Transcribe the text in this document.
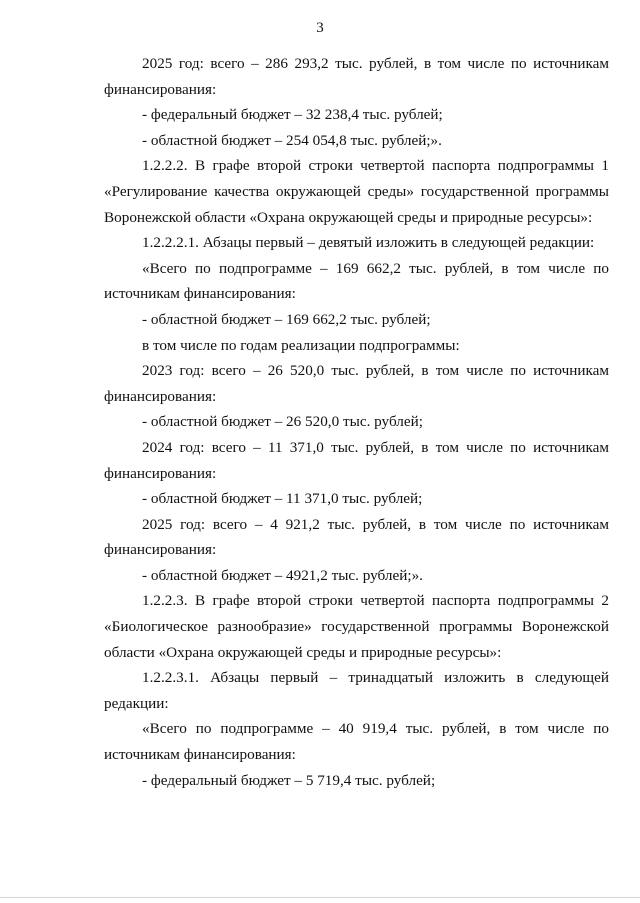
3

2025 год: всего – 286 293,2 тыс. рублей, в том числе по источникам финансирования:

- федеральный бюджет – 32 238,4 тыс. рублей;

- областной бюджет – 254 054,8 тыс. рублей;».

1.2.2.2. В графе второй строки четвертой паспорта подпрограммы 1 «Регулирование качества окружающей среды» государственной программы Воронежской области «Охрана окружающей среды и природные ресурсы»:

1.2.2.2.1. Абзацы первый – девятый изложить в следующей редакции:

«Всего по подпрограмме – 169 662,2 тыс. рублей, в том числе по источникам финансирования:

- областной бюджет – 169 662,2 тыс. рублей;

в том числе по годам реализации подпрограммы:

2023 год: всего – 26 520,0 тыс. рублей, в том числе по источникам финансирования:

- областной бюджет – 26 520,0 тыс. рублей;

2024 год: всего – 11 371,0 тыс. рублей, в том числе по источникам финансирования:

- областной бюджет – 11 371,0 тыс. рублей;

2025 год: всего – 4 921,2 тыс. рублей, в том числе по источникам финансирования:

- областной бюджет – 4921,2 тыс. рублей;».

1.2.2.3. В графе второй строки четвертой паспорта подпрограммы 2 «Биологическое разнообразие» государственной программы Воронежской области «Охрана окружающей среды и природные ресурсы»:

1.2.2.3.1. Абзацы первый – тринадцатый изложить в следующей редакции:

«Всего по подпрограмме – 40 919,4 тыс. рублей, в том числе по источникам финансирования:

- федеральный бюджет – 5 719,4 тыс. рублей;
